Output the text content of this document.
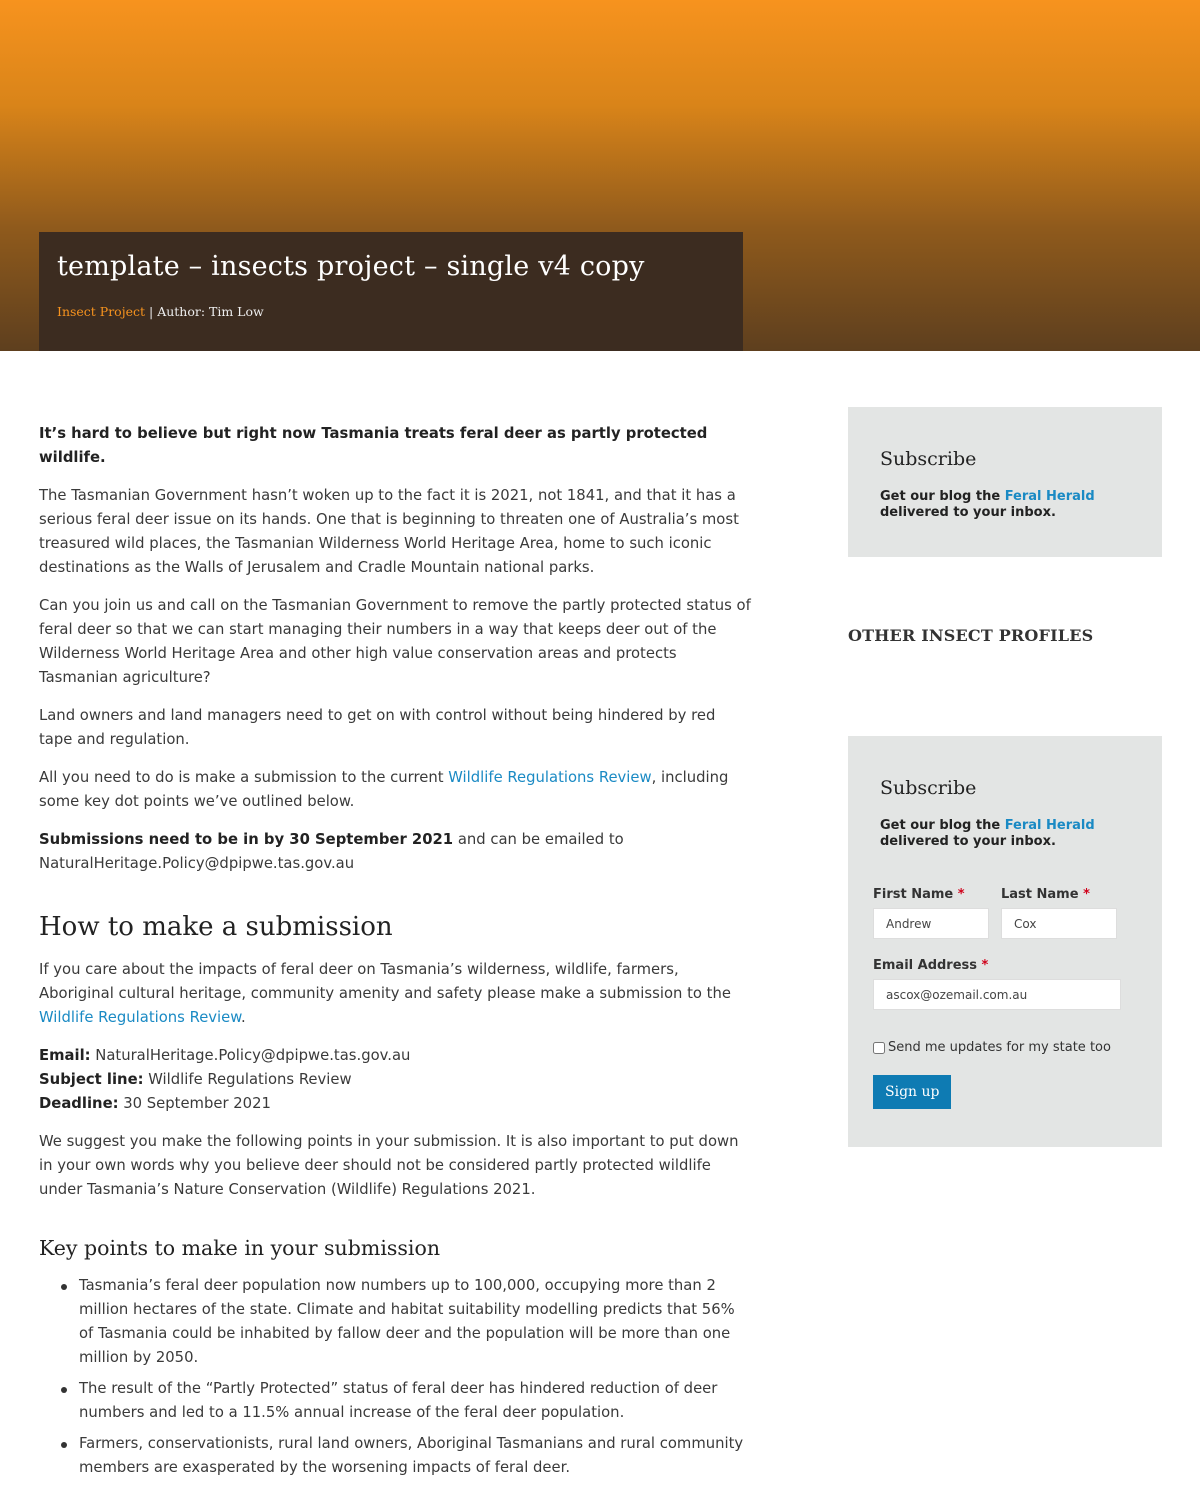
template – insects project – single v4 copy
Insect Project | Author: Tim Low

It’s hard to believe but right now Tasmania treats feral deer as partly protected wildlife.

The Tasmanian Government hasn’t woken up to the fact it is 2021, not 1841, and that it has a serious feral deer issue on its hands. One that is beginning to threaten one of Australia’s most treasured wild places, the Tasmanian Wilderness World Heritage Area, home to such iconic destinations as the Walls of Jerusalem and Cradle Mountain national parks.

Can you join us and call on the Tasmanian Government to remove the partly protected status of feral deer so that we can start managing their numbers in a way that keeps deer out of the Wilderness World Heritage Area and other high value conservation areas and protects Tasmanian agriculture?

Land owners and land managers need to get on with control without being hindered by red tape and regulation.

All you need to do is make a submission to the current Wildlife Regulations Review, including some key dot points we’ve outlined below.

Submissions need to be in by 30 September 2021 and can be emailed to NaturalHeritage.Policy@dpipwe.tas.gov.au

How to make a submission

If you care about the impacts of feral deer on Tasmania’s wilderness, wildlife, farmers, Aboriginal cultural heritage, community amenity and safety please make a submission to the Wildlife Regulations Review.

Email: NaturalHeritage.Policy@dpipwe.tas.gov.au
Subject line: Wildlife Regulations Review
Deadline: 30 September 2021

We suggest you make the following points in your submission. It is also important to put down in your own words why you believe deer should not be considered partly protected wildlife under Tasmania’s Nature Conservation (Wildlife) Regulations 2021.

Key points to make in your submission
Tasmania’s feral deer population now numbers up to 100,000, occupying more than 2 million hectares of the state. Climate and habitat suitability modelling predicts that 56% of Tasmania could be inhabited by fallow deer and the population will be more than one million by 2050.
The result of the “Partly Protected” status of feral deer has hindered reduction of deer numbers and led to a 11.5% annual increase of the feral deer population.
Farmers, conservationists, rural land owners, Aboriginal Tasmanians and rural community members are exasperated by the worsening impacts of feral deer.
Subscribe
Get our blog the Feral Herald
delivered to your inbox.
OTHER INSECT PROFILES
Subscribe
Get our blog the Feral Herald
delivered to your inbox.
First Name *
Andrew	Last Name *
Cox
Email Address *
ascox@ozemail.com.au
Send me updates for my state too
Sign up
